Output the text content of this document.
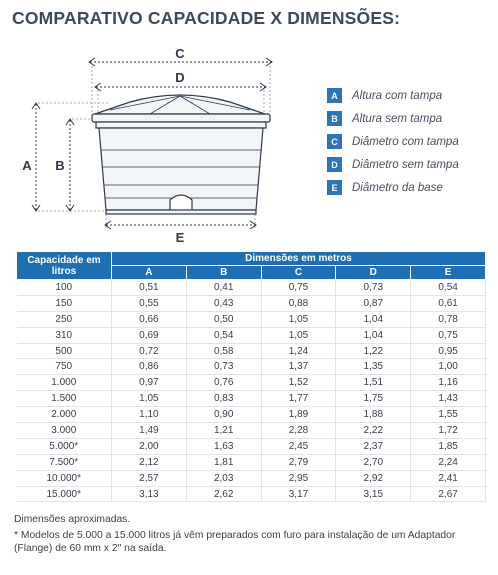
COMPARATIVO CAPACIDADE X DIMENSÕES:
C
D
A B
E
A	Altura com tampa
B	Altura sem tampa
C	Diâmetro com tampa
D	Diâmetro sem tampa
E	Diâmetro da base
Capacidade em litros	Dimensões em metros				
	A	B	C	D	E
100	0,51	0,41	0,75	0,73	0,54
150	0,55	0,43	0,88	0,87	0,61
250	0,66	0,50	1,05	1,04	0,78
310	0,69	0,54	1,05	1,04	0,75
500	0,72	0,58	1,24	1,22	0,95
750	0,86	0,73	1,37	1,35	1,00
1.000	0,97	0,76	1,52	1,51	1,16
1.500	1,05	0,83	1,77	1,75	1,43
2.000	1,10	0,90	1,89	1,88	1,55
3.000	1,49	1,21	2,28	2,22	1,72
5.000*	2,00	1,63	2,45	2,37	1,85
7.500*	2,12	1,81	2,79	2,70	2,24
10.000*	2,57	2,03	2,95	2,92	2,41
15.000*	3,13	2,62	3,17	3,15	2,67

Dimensões aproximadas.

* Modelos de 5.000 a 15.000 litros já vêm preparados com furo para instalação de um Adaptador (Flange) de 60 mm x 2" na saída.
